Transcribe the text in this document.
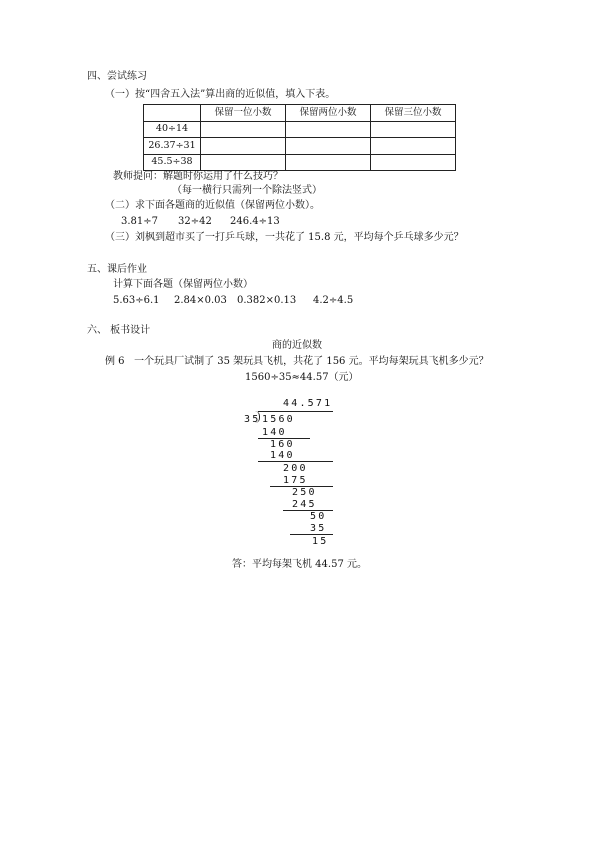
四、尝试练习
（一）按“四舍五入法”算出商的近似值，填入下表。
	保留一位小数	保留两位小数	保留三位小数
40÷14			
26.37÷31			
45.5÷38			
教师提问：解题时你运用了什么技巧？
（每一横行只需列一个除法竖式）
（二）求下面各题商的近似值（保留两位小数）。
3.81÷7 32÷42 246.4÷13
（三）刘枫到超市买了一打乒乓球，一共花了 15.8 元，平均每个乒乓球多少元？
五、课后作业
计算下面各题（保留两位小数）
5.63÷6.1 2.84×0.03 0.382×0.13 4.2÷4.5
六、 板书设计
商的近似数
例 6   一个玩具厂试制了 35 架玩具飞机，共花了 156 元。平均每架玩具飞机多少元？
1560÷35≈44.57（元）
44.571
35 1560
140
160
140
200
175
250
245
50
35
15
答：平均每架飞机 44.57 元。
